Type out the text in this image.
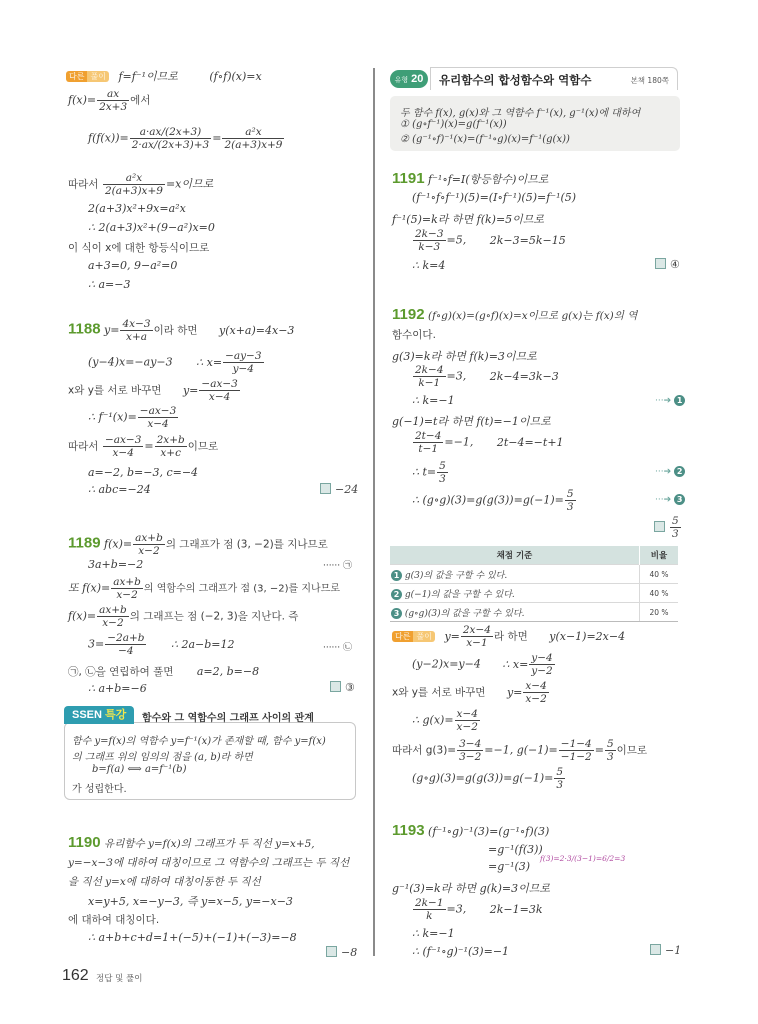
다른 풀이 f=f⁻¹이므로	(f∘f)(x)=x
$f(x)= \frac{ax}{2x+3}$ 에서
$f(f(x))= \frac{a\cdot ax/(2x+3)}{2\cdot ax/(2x+3)+3} = \frac{\text{a²x}}{2(a+3)x+9}$
따라서 $\frac{\text{a²x}}{2(a+3)x+9} =x$이므로
2(a+3)x²+9x=a²x
∴ 2(a+3)x²+(9−a²)x=0
이 식이 x에 대한 항등식이므로
a+3=0, 9−a²=0
∴ a=−3
1188 $y= \frac{4x-3}{x+a}$ 이라 하면 y(x+a)=4x−3
(y−4)x=−ay−3 ∴ $x= \frac{-ay-3}{y-4}$
x와 y를 서로 바꾸면 $y= \frac{-ax-3}{x-4}$
∴ $f^{-1}(x)= \frac{-ax-3}{x-4}$
따라서 $\frac{-ax-3}{x-4} = \frac{2x+b}{x+c}$ 이므로
a=−2, b=−3, c=−4
∴ abc=−24	−24
1189 $f(x)= \frac{ax+b}{x-2}$ 의 그래프가 점 (3, −2)를 지나므로
3a+b=−2	······ ㉠
또 $f(x)= \frac{ax+b}{x-2}$ 의 역함수의 그래프가 점 (3, −2)를 지나므로
$f(x)= \frac{ax+b}{x-2}$ 의 그래프는 점 (−2, 3)을 지난다. 즉
$3= \frac{-2a+b}{-4}$ ∴ 2a−b=12	······ ㉡
㉠, ㉡을 연립하여 풀면 a=2, b=−8
∴ a+b=−6	③
SSEN 특강	함수와 그 역함수의 그래프 사이의 관계
함수 y=f(x)의 역함수 y=f⁻¹(x)가 존재할 때, 함수 y=f(x)
의 그래프 위의 임의의 점을 (a, b)라 하면
b=f(a) ⟺ a=f⁻¹(b)
가 성립한다.
1190 유리함수 y=f(x)의 그래프가 두 직선 y=x+5,
y=−x−3에 대하여 대칭이므로 그 역함수의 그래프는 두 직선
을 직선 y=x에 대하여 대칭이동한 두 직선
x=y+5, x=−y−3, 즉 y=x−5, y=−x−3
에 대하여 대칭이다.
∴ a+b+c+d=1+(−5)+(−1)+(−3)=−8
−8
유형 20	유리함수의 합성함수와 역함수	본책 180쪽
두 함수 f(x), g(x)와 그 역함수 f⁻¹(x), g⁻¹(x)에 대하여
① (g∘f⁻¹)(x)=g(f⁻¹(x))
② (g⁻¹∘f)⁻¹(x)=(f⁻¹∘g)(x)=f⁻¹(g(x))
1191 f⁻¹∘f=I(항등함수)이므로
(f⁻¹∘f∘f⁻¹)(5)=(I∘f⁻¹)(5)=f⁻¹(5)
f⁻¹(5)=k라 하면 f(k)=5이므로
$\frac{2k-3}{k-3} =5$, 2k−3=5k−15
∴ k=4	④
1192 (f∘g)(x)=(g∘f)(x)=x이므로 g(x)는 f(x)의 역
함수이다.
g(3)=k라 하면 f(k)=3이므로
$\frac{2k-4}{k-1} =3$, 2k−4=3k−3
∴ k=−1	···➔ 1
g(−1)=t라 하면 f(t)=−1이므로
$\frac{2t-4}{t-1} =-1$, 2t−4=−t+1
∴ $t= \frac{5}{3}$	···➔ 2
∴ (g∘g)(3)=g(g(3))=g(−1)= $\frac{5}{3}$	···➔ 3
$\frac{5}{3}$
채점 기준	비율
1 g(3)의 값을 구할 수 있다.	40 %
2 g(−1)의 값을 구할 수 있다.	40 %
3 (g∘g)(3)의 값을 구할 수 있다.	20 %
다른 풀이 $y= \frac{2x-4}{x-1}$ 라 하면 y(x−1)=2x−4
(y−2)x=y−4 ∴ $x= \frac{y-4}{y-2}$
x와 y를 서로 바꾸면 $y= \frac{x-4}{x-2}$
∴ $g(x)= \frac{x-4}{x-2}$
따라서 $g(3)= \frac{3-4}{3-2} =-1$, $g(-1)= \frac{-1-4}{-1-2} = \frac{5}{3}$ 이므로
(g∘g)(3)=g(g(3))=g(−1)= $\frac{5}{3}$
1193 (f⁻¹∘g)⁻¹(3)=(g⁻¹∘f)(3)
=g⁻¹(f(3))
=g⁻¹(3)
f(3)=2·3/(3−1)=6/2=3
g⁻¹(3)=k라 하면 g(k)=3이므로
$\frac{2k-1}{k} =3$, 2k−1=3k
∴ k=−1
∴ (f⁻¹∘g)⁻¹(3)=−1	−1
162 정답 및 풀이
